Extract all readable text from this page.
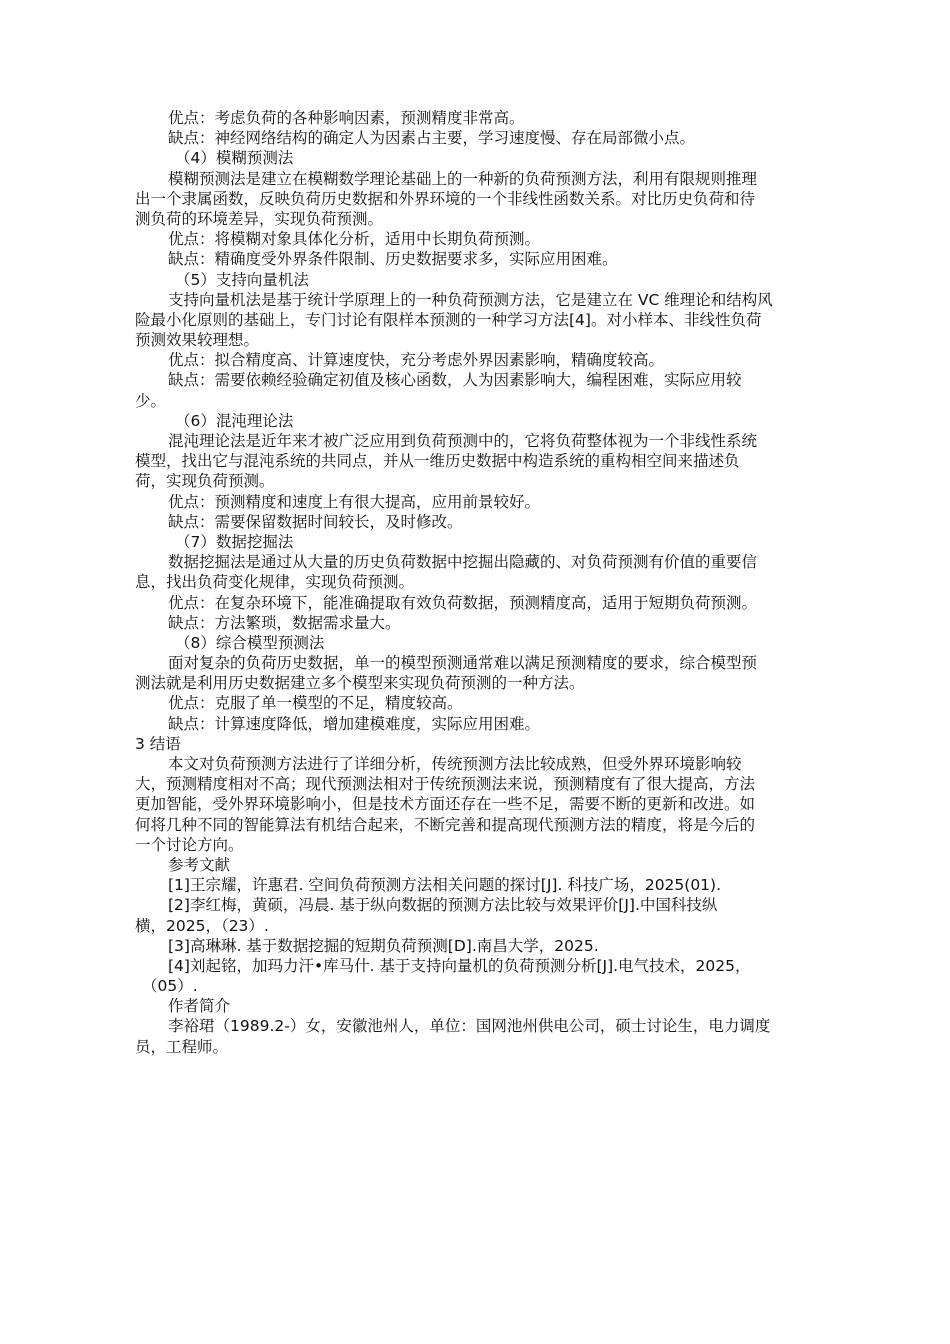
优点：考虑负荷的各种影响因素，预测精度非常高。
缺点：神经网络结构的确定人为因素占主要，学习速度慢、存在局部微小点。
（4）模糊预测法
模糊预测法是建立在模糊数学理论基础上的一种新的负荷预测方法，利用有限规则推理
出一个隶属函数，反映负荷历史数据和外界环境的一个非线性函数关系。对比历史负荷和待
测负荷的环境差异，实现负荷预测。
优点：将模糊对象具体化分析，适用中长期负荷预测。
缺点：精确度受外界条件限制、历史数据要求多，实际应用困难。
（5）支持向量机法
支持向量机法是基于统计学原理上的一种负荷预测方法，它是建立在 VC 维理论和结构风
险最小化原则的基础上，专门讨论有限样本预测的一种学习方法[4]。对小样本、非线性负荷
预测效果较理想。
优点：拟合精度高、计算速度快，充分考虑外界因素影响，精确度较高。
缺点：需要依赖经验确定初值及核心函数，人为因素影响大，编程困难，实际应用较
少。
（6）混沌理论法
混沌理论法是近年来才被广泛应用到负荷预测中的，它将负荷整体视为一个非线性系统
模型，找出它与混沌系统的共同点，并从一维历史数据中构造系统的重构相空间来描述负
荷，实现负荷预测。
优点：预测精度和速度上有很大提高，应用前景较好。
缺点：需要保留数据时间较长，及时修改。
（7）数据挖掘法
数据挖掘法是通过从大量的历史负荷数据中挖掘出隐藏的、对负荷预测有价值的重要信
息，找出负荷变化规律，实现负荷预测。
优点：在复杂环境下，能准确提取有效负荷数据，预测精度高，适用于短期负荷预测。
缺点：方法繁琐，数据需求量大。
（8）综合模型预测法
面对复杂的负荷历史数据，单一的模型预测通常难以满足预测精度的要求，综合模型预
测法就是利用历史数据建立多个模型来实现负荷预测的一种方法。
优点：克服了单一模型的不足，精度较高。
缺点：计算速度降低，增加建模难度，实际应用困难。
3 结语
本文对负荷预测方法进行了详细分析，传统预测方法比较成熟，但受外界环境影响较
大，预测精度相对不高；现代预测法相对于传统预测法来说，预测精度有了很大提高，方法
更加智能，受外界环境影响小，但是技术方面还存在一些不足，需要不断的更新和改进。如
何将几种不同的智能算法有机结合起来，不断完善和提高现代预测方法的精度，将是今后的
一个讨论方向。
参考文献
[1]王宗耀，许惠君. 空间负荷预测方法相关问题的探讨[J]. 科技广场，2025(01).
[2]李红梅，黄硕，冯晨. 基于纵向数据的预测方法比较与效果评价[J].中国科技纵
横，2025，（23）.
[3]高琳琳. 基于数据挖掘的短期负荷预测[D].南昌大学，2025.
[4]刘起铭，加玛力汗•库马什. 基于支持向量机的负荷预测分析[J].电气技术，2025，
（05）.
作者简介
李裕珺（1989.2-）女，安徽池州人，单位：国网池州供电公司，硕士讨论生，电力调度
员，工程师。
